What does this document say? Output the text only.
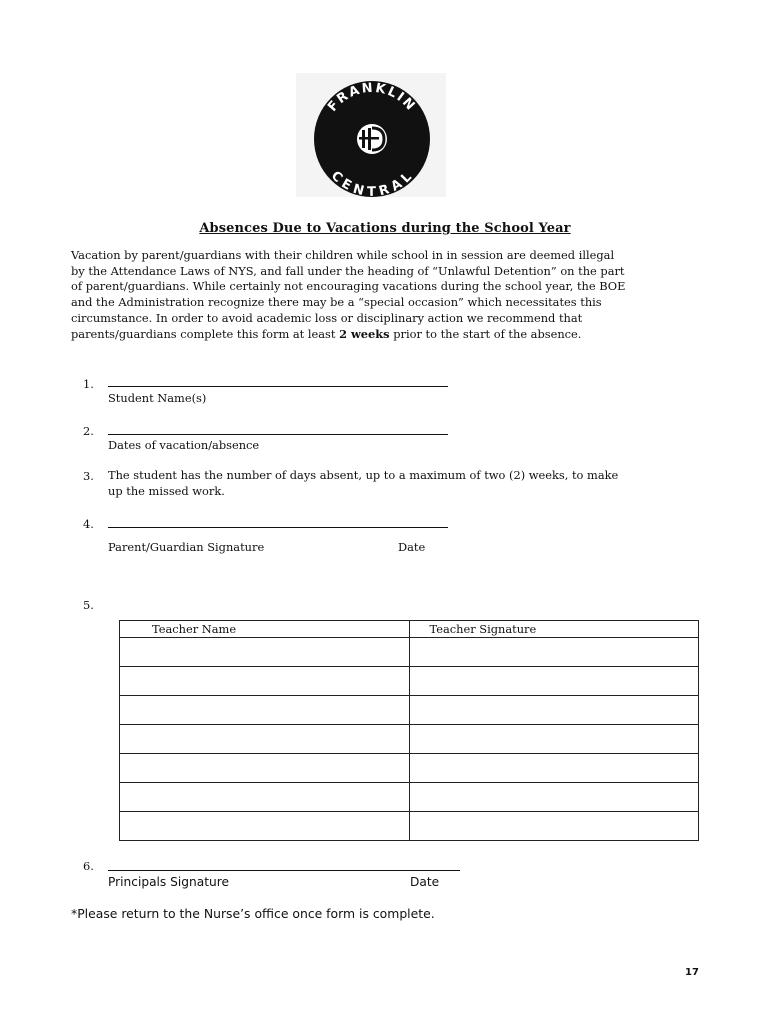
FRANKLIN
CENTRAL
Absences Due to Vacations during the School Year
Vacation by parent/guardians with their children while school in in session are deemed illegal
by the Attendance Laws of NYS, and fall under the heading of “Unlawful Detention” on the part
of parent/guardians. While certainly not encouraging vacations during the school year, the BOE
and the Administration recognize there may be a “special occasion” which necessitates this
circumstance. In order to avoid academic loss or disciplinary action we recommend that
parents/guardians complete this form at least 2 weeks prior to the start of the absence.
1.
Student Name(s)
2.
Dates of vacation/absence
3. The student has the number of days absent, up to a maximum of two (2) weeks, to make
up the missed work.
4.
Parent/Guardian Signature	Date
5.
Teacher Name	Teacher Signature

6.
Principals Signature	Date
*Please return to the Nurse’s office once form is complete.
17
